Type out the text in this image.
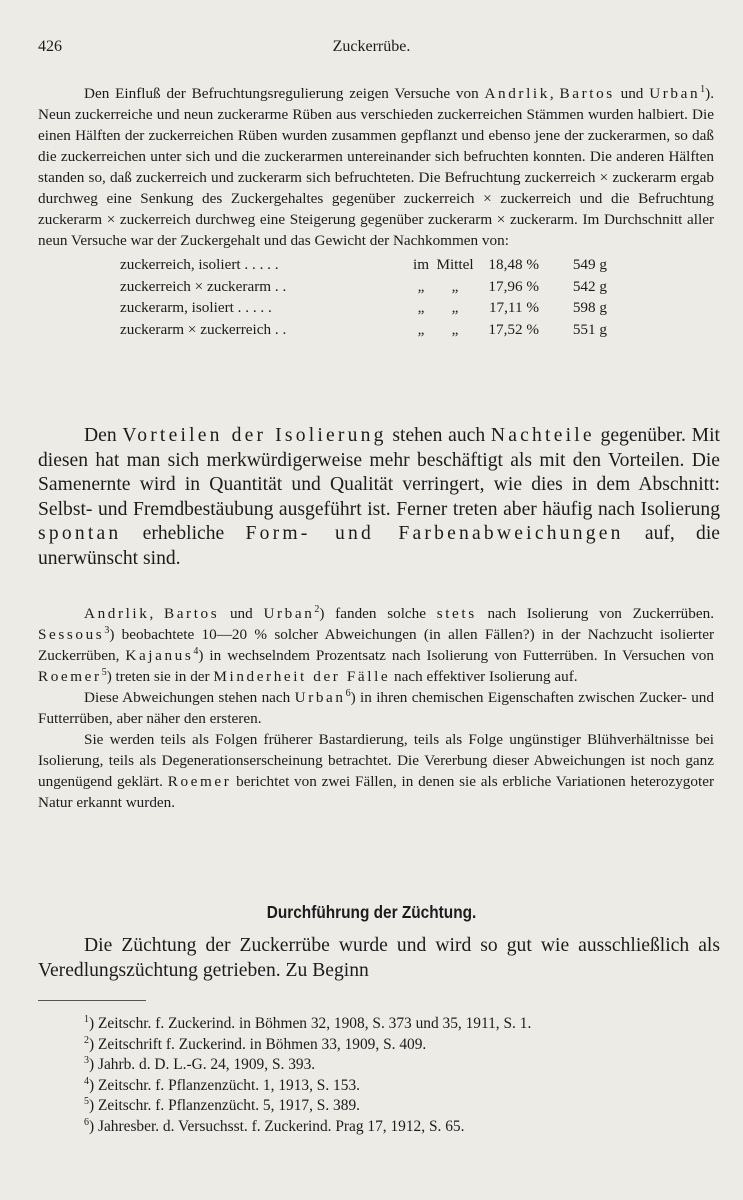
426	Zuckerrübe.

Den Einfluß der Befruchtungsregulierung zeigen Versuche von Andrlik, Bartos und Urban$^1$). Neun zuckerreiche und neun zuckerarme Rüben aus verschieden zuckerreichen Stämmen wurden halbiert. Die einen Hälften der zuckerreichen Rüben wurden zusammen gepflanzt und ebenso jene der zuckerarmen, so daß die zuckerreichen unter sich und die zuckerarmen untereinander sich befruchten konnten. Die anderen Hälften standen so, daß zuckerreich und zuckerarm sich befruchteten. Die Befruchtung zuckerreich × zuckerarm ergab durchweg eine Senkung des Zuckergehaltes gegenüber zuckerreich × zuckerreich und die Befruchtung zuckerarm × zuckerreich durchweg eine Steigerung gegenüber zuckerarm × zuckerarm. Im Durchschnitt aller neun Versuche war der Zuckergehalt und das Gewicht der Nachkommen von:

zuckerreich, isoliert . . . . .	im	Mittel	18,48 %	549 g
zuckerreich × zuckerarm . .	„	„	17,96 %	542 g
zuckerarm, isoliert . . . . .	„	„	17,11 %	598 g
zuckerarm × zuckerreich . .	„	„	17,52 %	551 g

Den Vorteilen der Isolierung stehen auch Nachteile gegenüber. Mit diesen hat man sich merkwürdigerweise mehr beschäftigt als mit den Vorteilen. Die Samenernte wird in Quantität und Qualität verringert, wie dies in dem Abschnitt: Selbst- und Fremdbestäubung ausgeführt ist. Ferner treten aber häufig nach Isolierung spontan erhebliche Form- und Farbenabweichungen auf, die unerwünscht sind.

Andrlik, Bartos und Urban$^2$) fanden solche stets nach Isolierung von Zuckerrüben. Sessous$^3$) beobachtete 10—20 % solcher Abweichungen (in allen Fällen?) in der Nachzucht isolierter Zuckerrüben, Kajanus$^4$) in wechselndem Prozentsatz nach Isolierung von Futterrüben. In Versuchen von Roemer$^5$) treten sie in der Minderheit der Fälle nach effektiver Isolierung auf.

Diese Abweichungen stehen nach Urban$^6$) in ihren chemischen Eigenschaften zwischen Zucker- und Futterrüben, aber näher den ersteren.

Sie werden teils als Folgen früherer Bastardierung, teils als Folge ungünstiger Blühverhältnisse bei Isolierung, teils als Degenerationserscheinung betrachtet. Die Vererbung dieser Abweichungen ist noch ganz ungenügend geklärt. Roemer berichtet von zwei Fällen, in denen sie als erbliche Variationen heterozygoter Natur erkannt wurden.

Durchführung der Züchtung.

Die Züchtung der Zuckerrübe wurde und wird so gut wie ausschließlich als Veredlungszüchtung getrieben. Zu Beginn

$^1$) Zeitschr. f. Zuckerind. in Böhmen 32, 1908, S. 373 und 35, 1911, S. 1.
$^2$) Zeitschrift f. Zuckerind. in Böhmen 33, 1909, S. 409.
$^3$) Jahrb. d. D. L.-G. 24, 1909, S. 393.
$^4$) Zeitschr. f. Pflanzenzücht. 1, 1913, S. 153.
$^5$) Zeitschr. f. Pflanzenzücht. 5, 1917, S. 389.
$^6$) Jahresber. d. Versuchsst. f. Zuckerind. Prag 17, 1912, S. 65.
